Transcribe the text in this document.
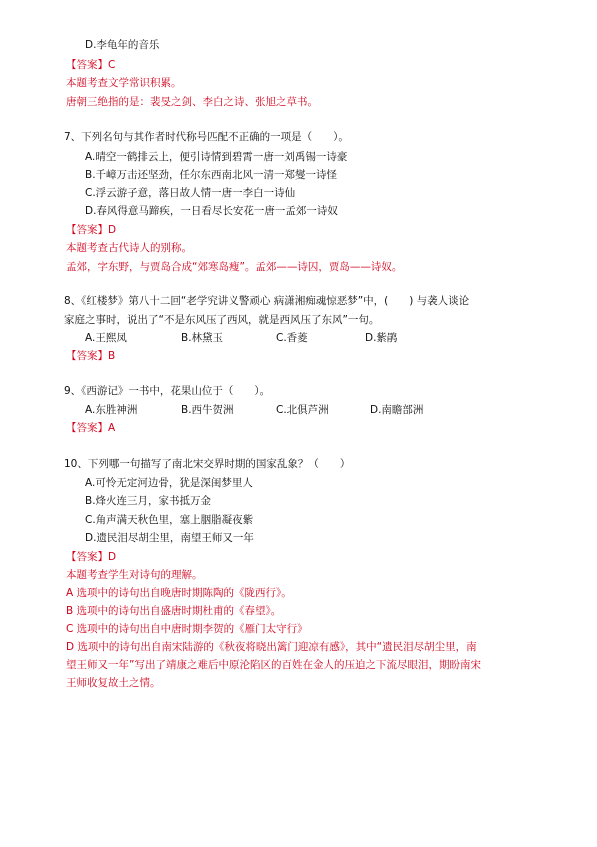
D.李龟年的音乐
【答案】C
本题考查文学常识积累。
唐朝三绝指的是：裴旻之剑、李白之诗、张旭之草书。
7、下列名句与其作者时代称号匹配不正确的一项是（　　）。
A.晴空一鹤排云上，便引诗情到碧霄一唐一刘禹锡一诗豪
B.千嶂万击还坚劲，任尔东西南北风一清一郑燮一诗怪
C.浮云游子意，落日故人情一唐一李白一诗仙
D.春风得意马蹄疾，一日看尽长安花一唐一孟郊一诗奴
【答案】D
本题考查古代诗人的别称。
孟郊，字东野，与贾岛合成“郊寒岛瘦”。孟郊——诗囚，贾岛——诗奴。
8、《红楼梦》第八十二回“老学究讲义警顽心 病潇湘痴魂惊恶梦”中，(　　) 与袭人谈论
家庭之事时，说出了“不是东风压了西风，就是西风压了东风”一句。
A.王熙凤	B.林黛玉	C.香菱	D.紫鹃
【答案】B
9、《西游记》一书中，花果山位于（　　）。
A.东胜神洲	B.西牛贺洲	C.北俱芦洲	D.南瞻部洲
【答案】A
10、下列哪一句描写了南北宋交界时期的国家乱象？（　　）
A.可怜无定河边骨，犹是深闺梦里人
B.烽火连三月，家书抵万金
C.角声满天秋色里，塞上胭脂凝夜紫
D.遗民泪尽胡尘里，南望王师又一年
【答案】D
本题考查学生对诗句的理解。
A 选项中的诗句出自晚唐时期陈陶的《陇西行》。
B 选项中的诗句出自盛唐时期杜甫的《春望》。
C 选项中的诗句出自中唐时期李贺的《雁门太守行》
D 选项中的诗句出自南宋陆游的《秋夜将晓出篱门迎凉有感》，其中“遗民泪尽胡尘里，南
望王师又一年”写出了靖康之难后中原沦陷区的百姓在金人的压迫之下流尽眼泪，期盼南宋
王师收复故土之情。
